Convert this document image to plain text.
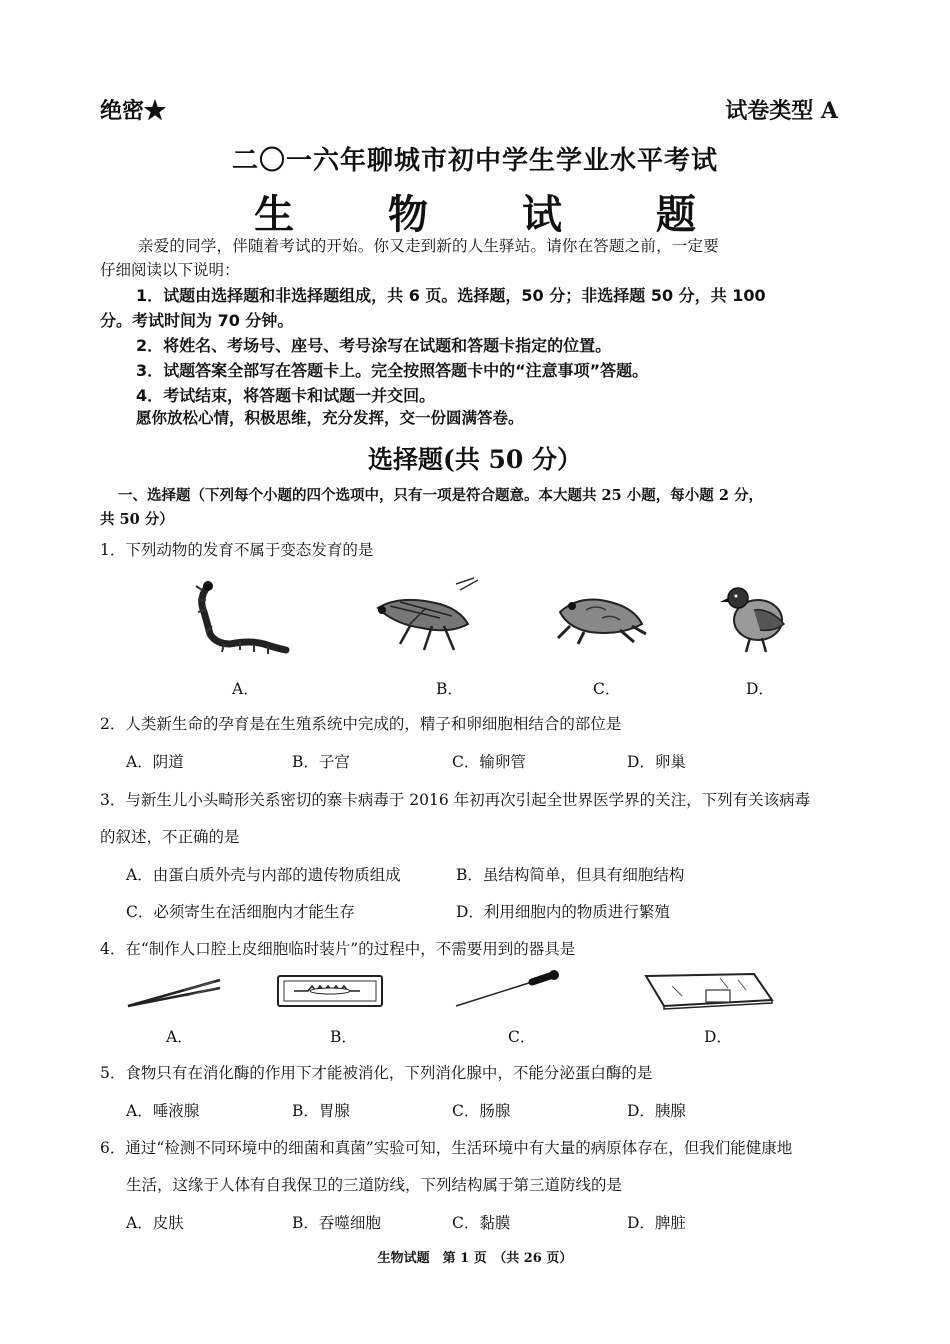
绝密★	试卷类型 A
二〇一六年聊城市初中学生学业水平考试
生 物 试 题
亲爱的同学，伴随着考试的开始。你又走到新的人生驿站。请你在答题之前，一定要
仔细阅读以下说明：
1．试题由选择题和非选择题组成，共 6 页。选择题，50 分；非选择题 50 分，共 100
分。考试时间为 70 分钟。
2．将姓名、考场号、座号、考号涂写在试题和答题卡指定的位置。
3．试题答案全部写在答题卡上。完全按照答题卡中的“注意事项”答题。
4．考试结束，将答题卡和试题一并交回。
愿你放松心情，积极思维，充分发挥，交一份圆满答卷。
选择题(共 50 分）
一、选择题（下列每个小题的四个选项中，只有一项是符合题意。本大题共 25 小题，每小题 2 分，
共 50 分）
1．下列动物的发育不属于变态发育的是
A．	B．	C．	D．
2．人类新生命的孕育是在生殖系统中完成的，精子和卵细胞相结合的部位是
A．阴道	B．子宫	C．输卵管	D．卵巢
3．与新生儿小头畸形关系密切的寨卡病毒于 2016 年初再次引起全世界医学界的关注，下列有关该病毒
的叙述，不正确的是
A．由蛋白质外壳与内部的遗传物质组成	B．虽结构简单，但具有细胞结构
C．必须寄生在活细胞内才能生存	D．利用细胞内的物质进行繁殖
4．在“制作人口腔上皮细胞临时装片”的过程中，不需要用到的器具是
A．	B．	C．	D．
5．食物只有在消化酶的作用下才能被消化，下列消化腺中，不能分泌蛋白酶的是
A．唾液腺	B．胃腺	C．肠腺	D．胰腺
6．通过“检测不同环境中的细菌和真菌”实验可知，生活环境中有大量的病原体存在，但我们能健康地
生活，这缘于人体有自我保卫的三道防线，下列结构属于第三道防线的是
A．皮肤	B．吞噬细胞	C．黏膜	D．脾脏
生物试题　第 1 页　（共 26 页）
